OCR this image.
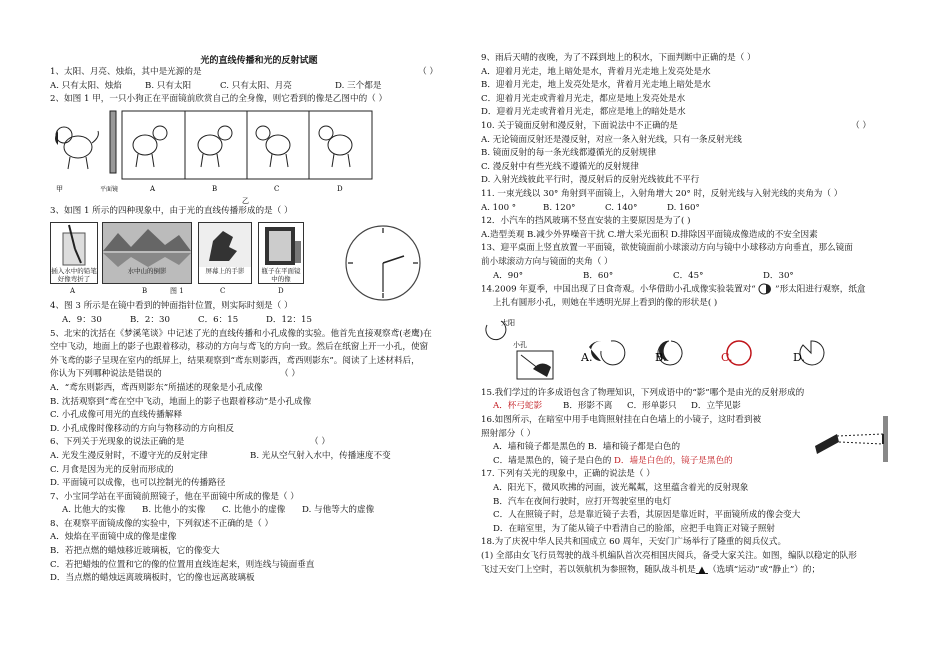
光的直线传播和光的反射试题
1、太阳、月亮、烛焰，其中是光源的是	（ ）
A. 只有太阳、烛焰	B. 只有太阳	C. 只有太阳、月亮	D. 三个都是
2、如图 1 甲，一只小狗正在平面镜前欣赏自己的全身像，则它看到的像是乙图中的（ ）
甲	平面镜	A	B	C	D
乙
3、如图 1 所示的四种现象中，由于光的直线传播形成的是（ ）
插入水中的铅笔好像弯折了
水中山的倒影	屏幕上的手影	瓶子在平面镜中的像
A	B	图 1	C	D
4、图 3 所示是在镜中看到的钟面指针位置，则实际时刻是（ ）
A．9：30	B．2：30	C．6：15	D．12：15
5、北宋的沈括在《梦溪笔谈》中记述了光的直线传播和小孔成像的实验。他首先直接观察鸢(老鹰)在
空中飞动，地面上的影子也跟着移动，移动的方向与鸢飞的方向一致。然后在纸窗上开一小孔，使窗
外飞鸢的影子呈现在室内的纸屏上，结果观察到“鸢东则影西，鸢西则影东”。阅读了上述材料后，
你认为下列哪种说法是错误的	（ ）
A．“鸢东则影西，鸢西则影东”所描述的现象是小孔成像
B. 沈括观察到“鸢在空中飞动，地面上的影子也跟着移动”是小孔成像
C. 小孔成像可用光的直线传播解释
D. 小孔成像时像移动的方向与物移动的方向相反
6、下列关于光现象的说法正确的是	（ ）
A. 光发生漫反射时，不遵守光的反射定律	B. 光从空气射入水中，传播速度不变
C. 月食是因为光的反射而形成的
D. 平面镜可以成像，也可以控制光的传播路径
7、小宝同学站在平面镜前照镜子，他在平面镜中所成的像是（ ）
A. 比他大的实像	B. 比他小的实像	C. 比他小的虚像	D. 与他等大的虚像
8、在观察平面镜成像的实验中，下列叙述不正确的是（ ）
A．烛焰在平面镜中成的像是虚像
B．若把点燃的蜡烛移近玻璃板，它的像变大
C．若把蜡烛的位置和它的像的位置用直线连起来，则连线与镜面垂直
D．当点燃的蜡烛远离玻璃板时，它的像也远离玻璃板
9、雨后天晴的夜晚，为了不踩到地上的积水，下面判断中正确的是（ ）
A．迎着月光走，地上暗处是水，背着月光走地上发亮处是水
B．迎着月光走，地上发亮处是水，背着月光走地上暗处是水
C．迎着月光走或背着月光走，都应是地上发亮处是水
D．迎着月光走或背着月光走，都应是地上的暗处是水
10. 关于镜面反射和漫反射，下面说法中不正确的是	（ ）
A. 无论镜面反射还是漫反射，对应一条入射光线，只有一条反射光线
B. 镜面反射的每一条光线都遵循光的反射规律
C. 漫反射中有些光线不遵循光的反射规律
D. 入射光线彼此平行时，漫反射后的反射光线彼此不平行
11. 一束光线以 30° 角射到平面镜上，入射角增大 20° 时，反射光线与入射光线的夹角为（ ）
A. 100 °	B. 120°	C. 140°	D. 160°
12．小汽车的挡风玻璃不竖直安装的主要原因是为了( )
A.造型美观 B.减少外界噪音干扰 C.增大采光面积 D.排除因平面镜成像造成的不安全因素
13、迎平桌面上竖直放置一平面镜，欲使镜面前小球滚动方向与镜中小球移动方向垂直，那么镜面
前小球滚动方向与镜面的夹角（ ）
A．90°	B．60°	C．45°	D．30°
14.2009 年夏季，中国出现了日食奇观。小华借助小孔成像实验装置对“ ”形太阳进行观察，纸盒
上扎有圆形小孔，则她在半透明光屏上看到的像的形状是( )
太阳
小孔
A.	B.	C.	D.
15.我们学过的许多成语包含了物理知识，下列成语中的“影”哪个是由光的反射形成的
A．杯弓蛇影	B．形影不离	C．形单影只	D．立竿见影
16.如图所示，在暗室中用手电筒照射挂在白色墙上的小镜子，这时看到被
照射部分（ ）
A．墙和镜子都是黑色的 B．墙和镜子都是白色的
C．墙是黑色的，镜子是白色的 D．墙是白色的，镜子是黑色的
17. 下列有关光的现象中，正确的说法是（ ）
A．阳光下，微风吹拂的河面，波光粼粼，这里蕴含着光的反射现象
B．汽车在夜间行驶时，应打开驾驶室里的电灯
C．人在照镜子时，总是靠近镜子去看，其原因是靠近时，平面镜所成的像会变大
D．在暗室里，为了能从镜子中看清自己的脸部，应把手电筒正对镜子照射
18.为了庆祝中华人民共和国成立 60 周年，天安门广场举行了隆重的阅兵仪式。
(1) 全部由女飞行员驾驶的战斗机编队首次亮相国庆阅兵，备受大家关注。如图，编队以稳定的队形
飞过天安门上空时，若以领航机为参照物，随队战斗机是 ▲ （选填“运动”或“静止”）的；
